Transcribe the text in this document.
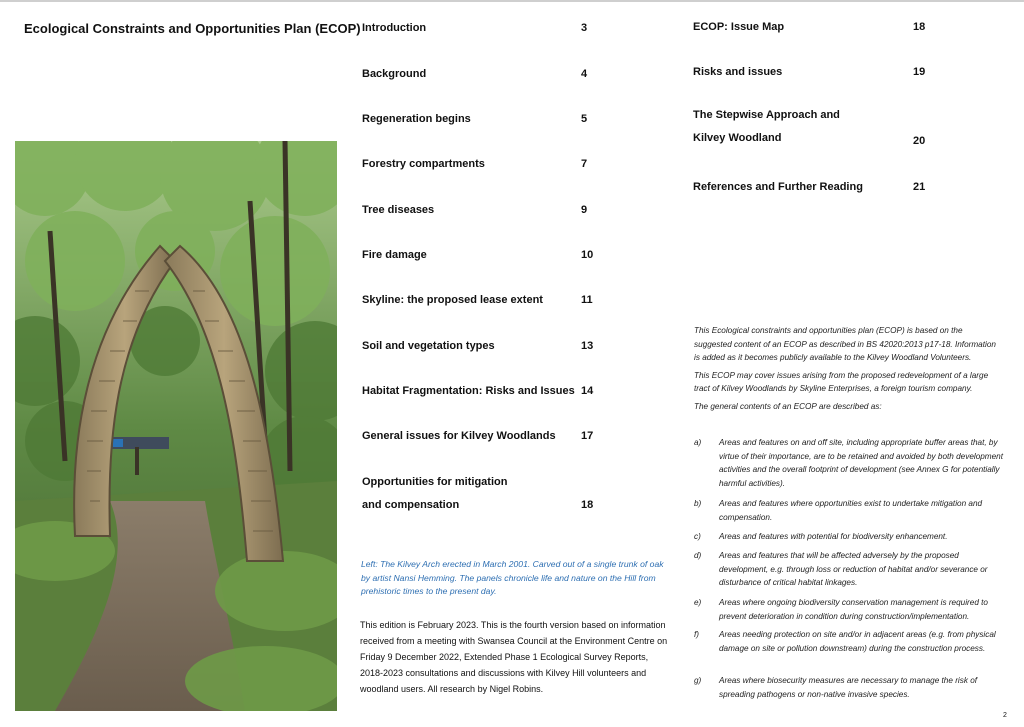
Ecological Constraints and Opportunities Plan (ECOP) Introduction	3
Background	4
Regeneration begins	5
Forestry compartments	7
Tree diseases	9
Fire damage	10
Skyline: the proposed lease extent	11
Soil and vegetation types	13
Habitat Fragmentation: Risks and Issues 14
General issues for Kilvey Woodlands 17
Opportunities for mitigation
and compensation	18
ECOP: Issue Map	18
Risks and issues	19
The Stepwise Approach and
Kilvey Woodland	20
References and Further Reading	21
Left: The Kilvey Arch erected in March 2001. Carved out of a single trunk of oak by artist Nansi Hemming. The panels chronicle life and nature on the Hill from prehistoric times to the present day.
This edition is February 2023. This is the fourth version based on information received from a meeting with Swansea Council at the Environment Centre on Friday 9 December 2022, Extended Phase 1 Ecological Survey Reports, 2018-2023 consultations and discussions with Kilvey Hill volunteers and woodland users. All research by Nigel Robins.

This Ecological constraints and opportunities plan (ECOP) is based on the suggested content of an ECOP as described in BS 42020:2013 p17-18. Information is added as it becomes publicly available to the Kilvey Woodland Volunteers.

This ECOP may cover issues arising from the proposed redevelopment of a large tract of Kilvey Woodlands by Skyline Enterprises, a foreign tourism company.

The general contents of an ECOP are described as:

a)	Areas and features on and off site, including appropriate buffer areas that, by virtue of their importance, are to be retained and avoided by both development activities and the overall footprint of development (see Annex G for potentially harmful activities).
b)	Areas and features where opportunities exist to undertake mitigation and compensation.
c)	Areas and features with potential for biodiversity enhancement.
d)	Areas and features that will be affected adversely by the proposed development, e.g. through loss or reduction of habitat and/or severance or disturbance of critical habitat linkages.
e)	Areas where ongoing biodiversity conservation management is required to prevent deterioration in condition during construction/implementation.
f)	Areas needing protection on site and/or in adjacent areas (e.g. from physical damage on site or pollution downstream) during the construction process.
g)	Areas where biosecurity measures are necessary to manage the risk of spreading pathogens or non-native invasive species.
2
